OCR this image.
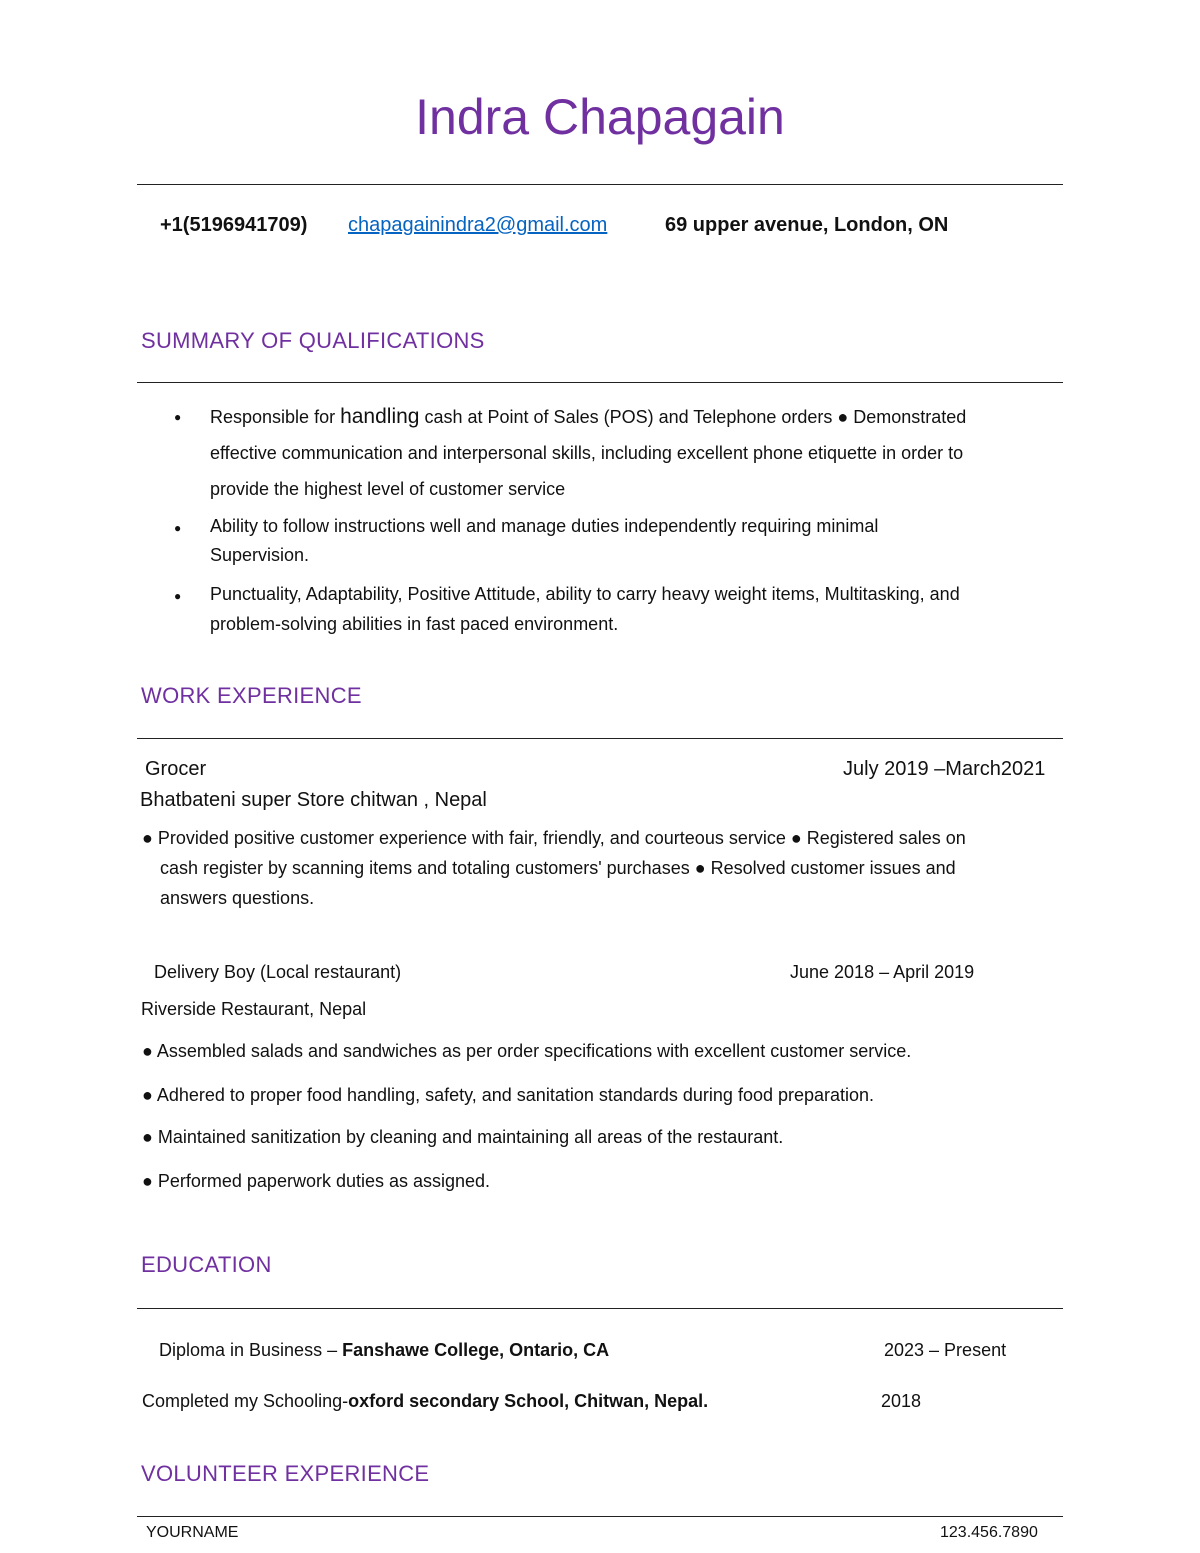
Indra Chapagain
+1(5196941709) chapagainindra2@gmail.com	69 upper avenue, London, ON
SUMMARY OF QUALIFICATIONS
● Responsible for handling cash at Point of Sales (POS) and Telephone orders ● Demonstrated
effective communication and interpersonal skills, including excellent phone etiquette in order to
provide the highest level of customer service
● Ability to follow instructions well and manage duties independently requiring minimal
Supervision.
● Punctuality, Adaptability, Positive Attitude, ability to carry heavy weight items, Multitasking, and
problem-solving abilities in fast paced environment.
WORK EXPERIENCE
Grocer	July 2019 –March2021
Bhatbateni super Store chitwan , Nepal
● Provided positive customer experience with fair, friendly, and courteous service ● Registered sales on
cash register by scanning items and totaling customers' purchases ● Resolved customer issues and
answers questions.
Delivery Boy (Local restaurant)	June 2018 – April 2019
Riverside Restaurant, Nepal
● Assembled salads and sandwiches as per order specifications with excellent customer service.
● Adhered to proper food handling, safety, and sanitation standards during food preparation.
● Maintained sanitization by cleaning and maintaining all areas of the restaurant.
● Performed paperwork duties as assigned.
EDUCATION
Diploma in Business – Fanshawe College, Ontario, CA	2023 – Present
Completed my Schooling-oxford secondary School, Chitwan, Nepal.	2018
VOLUNTEER EXPERIENCE
YOURNAME	123.456.7890
